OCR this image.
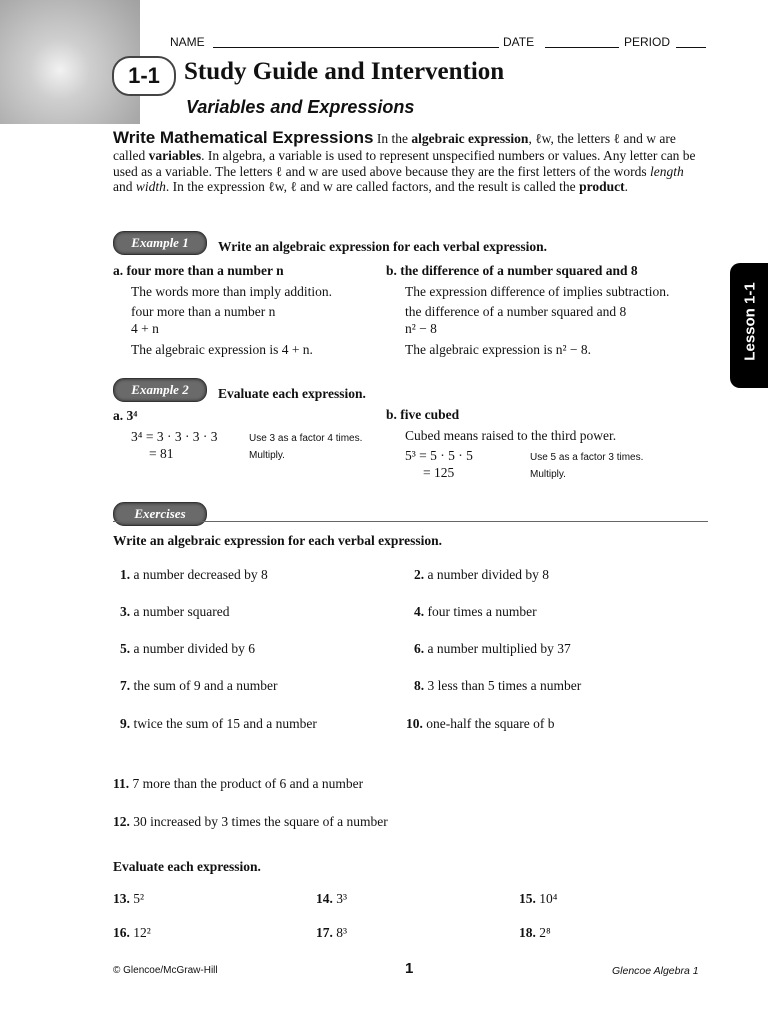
1-1
NAME	DATE	PERIOD
Study Guide and Intervention
Variables and Expressions
Lesson 1-1
Write Mathematical Expressions In the algebraic expression, ℓw, the letters ℓ and w are called variables. In algebra, a variable is used to represent unspecified numbers or values. Any letter can be used as a variable. The letters ℓ and w are used above because they are the first letters of the words length and width. In the expression ℓw, ℓ and w are called factors, and the result is called the product.
Example 1	Write an algebraic expression for each verbal expression.
a. four more than a number n
The words more than imply addition.
four more than a number n
4 + n
The algebraic expression is 4 + n.
b. the difference of a number squared and 8
The expression difference of implies subtraction.
the difference of a number squared and 8
n² − 8
The algebraic expression is n² − 8.
Example 2	Evaluate each expression.
a. 3⁴
3⁴ = 3 · 3 · 3 · 3	Use 3 as a factor 4 times.
= 81	Multiply.
b. five cubed
Cubed means raised to the third power.
5³ = 5 · 5 · 5	Use 5 as a factor 3 times.
= 125	Multiply.
Exercises
Write an algebraic expression for each verbal expression.
1. a number decreased by 8	2. a number divided by 8
3. a number squared	4. four times a number
5. a number divided by 6	6. a number multiplied by 37
7. the sum of 9 and a number	8. 3 less than 5 times a number
9. twice the sum of 15 and a number	10. one-half the square of b
11. 7 more than the product of 6 and a number
12. 30 increased by 3 times the square of a number
Evaluate each expression.
13. 5²	14. 3³	15. 10⁴
16. 12²	17. 8³	18. 2⁸
© Glencoe/McGraw-Hill	1	Glencoe Algebra 1
